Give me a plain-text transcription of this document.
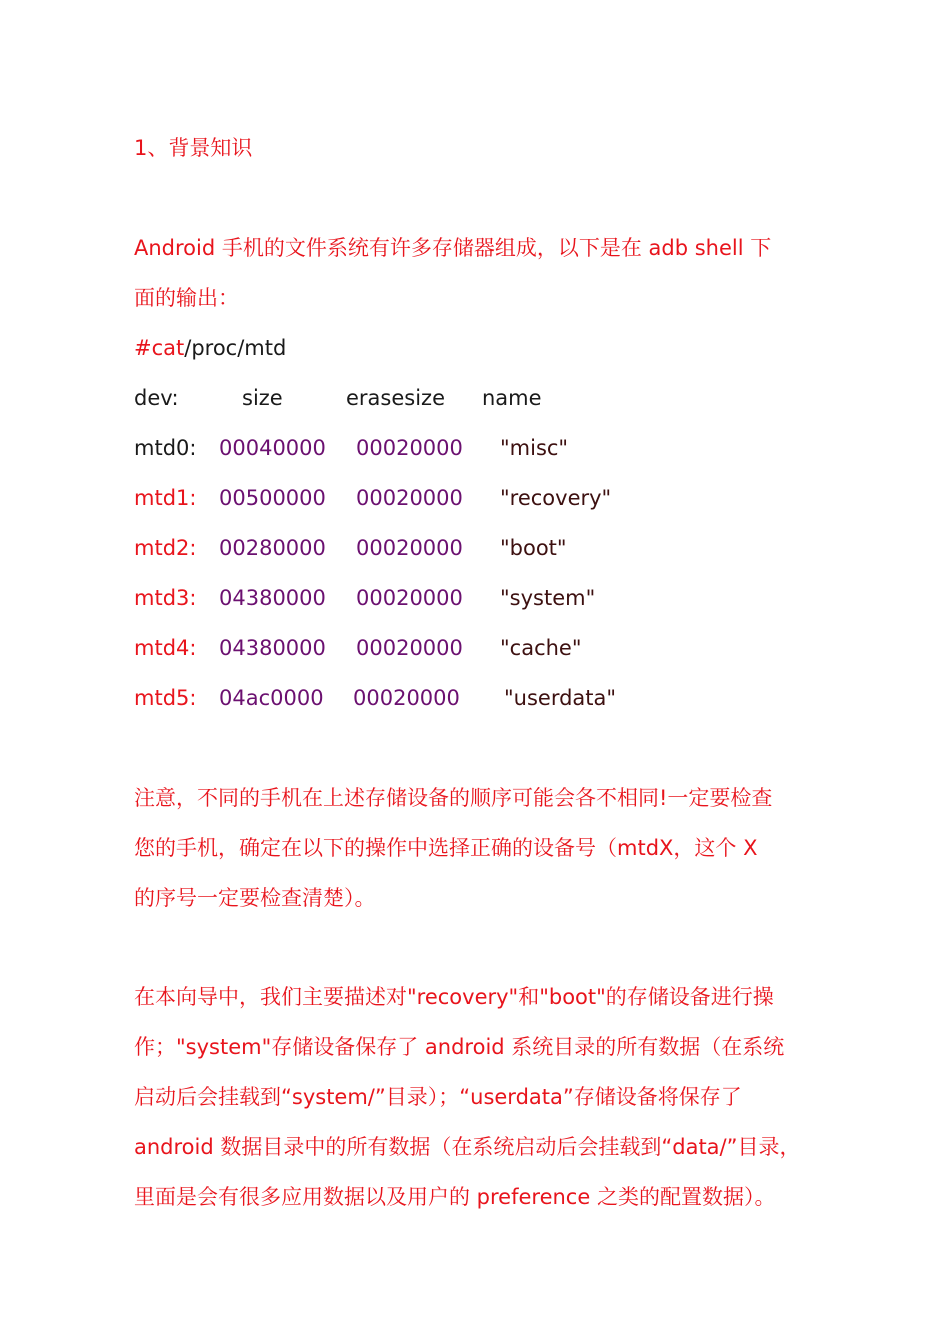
1、背景知识
Android 手机的文件系统有许多存储器组成，以下是在 adb shell 下
面的输出：
#cat/proc/mtd
dev:	size	erasesize name
mtd0: 00040000 00020000 "misc"
mtd1: 00500000 00020000 "recovery"
mtd2: 00280000 00020000 "boot"
mtd3: 04380000 00020000 "system"
mtd4: 04380000 00020000 "cache"
mtd5: 04ac0000 00020000 "userdata"
注意，不同的手机在上述存储设备的顺序可能会各不相同!一定要检查
您的手机，确定在以下的操作中选择正确的设备号（mtdX，这个 X
的序号一定要检查清楚）。
在本向导中，我们主要描述对"recovery"和"boot"的存储设备进行操
作；"system"存储设备保存了 android 系统目录的所有数据（在系统
启动后会挂载到“system/”目录）；“userdata”存储设备将保存了
android 数据目录中的所有数据（在系统启动后会挂载到“data/”目录，
里面是会有很多应用数据以及用户的 preference 之类的配置数据）。
